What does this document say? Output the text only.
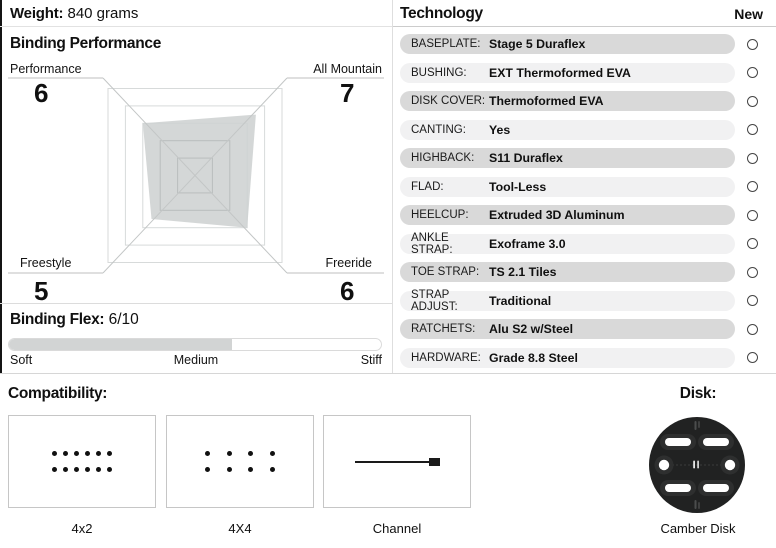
Weight: 840 grams
Binding Performance
Performance
6
All Mountain
7
Freestyle
5
Freeride
6
Binding Flex: 6/10
Soft	Medium	Stiff
Technology	New
BASEPLATE: Stage 5 Duraflex
BUSHING:	EXT Thermoformed EVA
DISK COVER: Thermoformed EVA
CANTING:	Yes
HIGHBACK:	S11 Duraflex
FLAD:	Tool-Less
HEELCUP:	Extruded 3D Aluminum
ANKLE STRAP:	Exoframe 3.0
TOE STRAP: TS 2.1 Tiles
STRAP ADJUST:	Traditional
RATCHETS:	Alu S2 w/Steel
HARDWARE: Grade 8.8 Steel
Compatibility:
4x2	4X4	Channel
Disk:
Camber Disk
